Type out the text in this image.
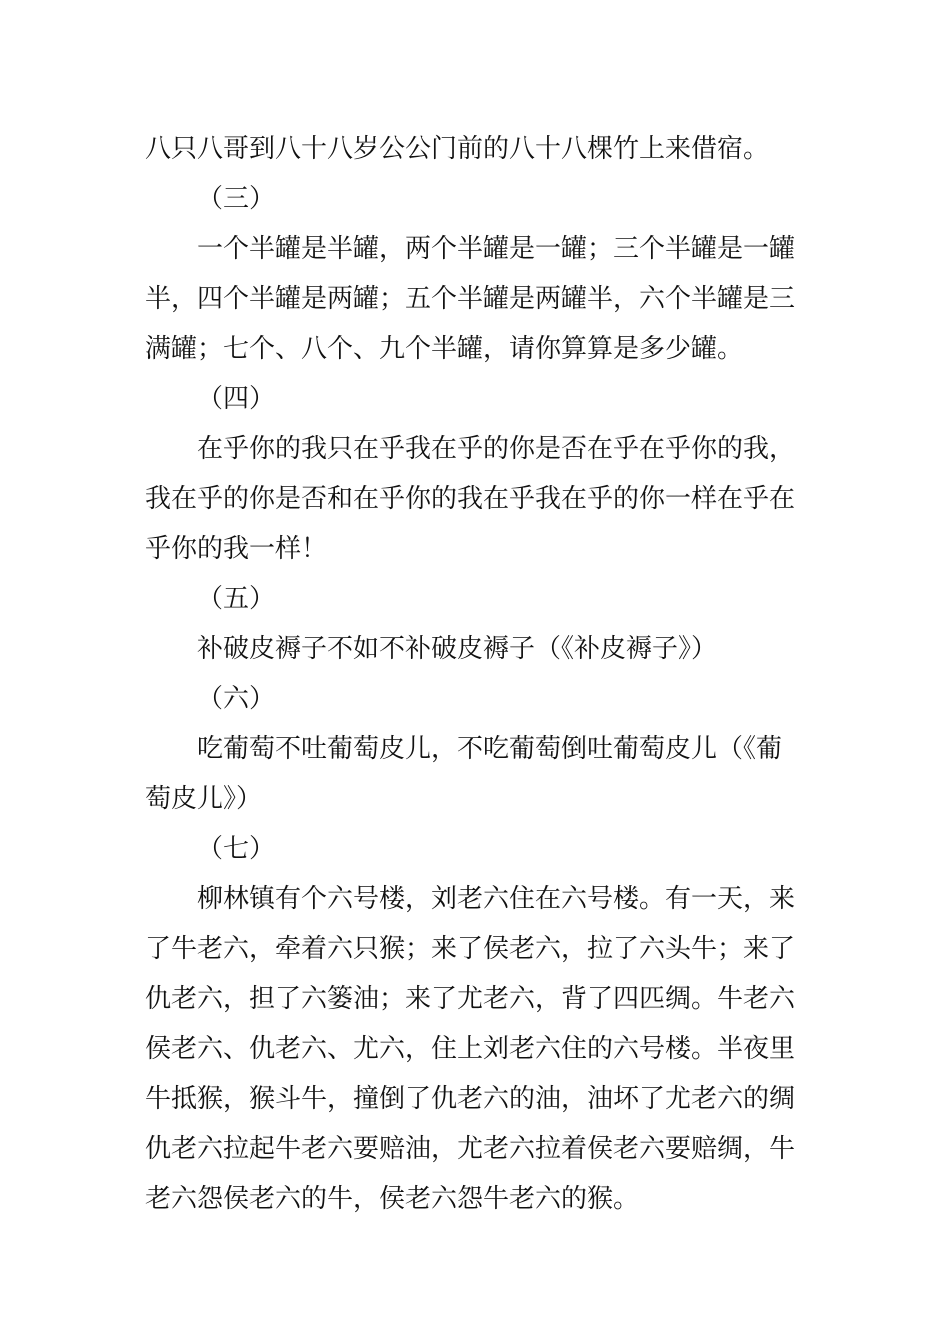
八只八哥到八十八岁公公门前的八十八棵竹上来借宿。
（三）
一个半罐是半罐，两个半罐是一罐；三个半罐是一罐
半，四个半罐是两罐；五个半罐是两罐半，六个半罐是三
满罐；七个、八个、九个半罐，请你算算是多少罐。
（四）
在乎你的我只在乎我在乎的你是否在乎在乎你的我，
我在乎的你是否和在乎你的我在乎我在乎的你一样在乎在
乎你的我一样！
（五）
补破皮褥子不如不补破皮褥子（《补皮褥子》）
（六）
吃葡萄不吐葡萄皮儿，不吃葡萄倒吐葡萄皮儿（《葡
萄皮儿》）
（七）
柳林镇有个六号楼，刘老六住在六号楼。有一天，来
了牛老六，牵着六只猴；来了侯老六，拉了六头牛；来了
仇老六，担了六篓油；来了尤老六，背了四匹绸。牛老六
侯老六、仇老六、尤六，住上刘老六住的六号楼。半夜里
牛抵猴，猴斗牛，撞倒了仇老六的油，油坏了尤老六的绸
仇老六拉起牛老六要赔油，尤老六拉着侯老六要赔绸，牛
老六怨侯老六的牛，侯老六怨牛老六的猴。
